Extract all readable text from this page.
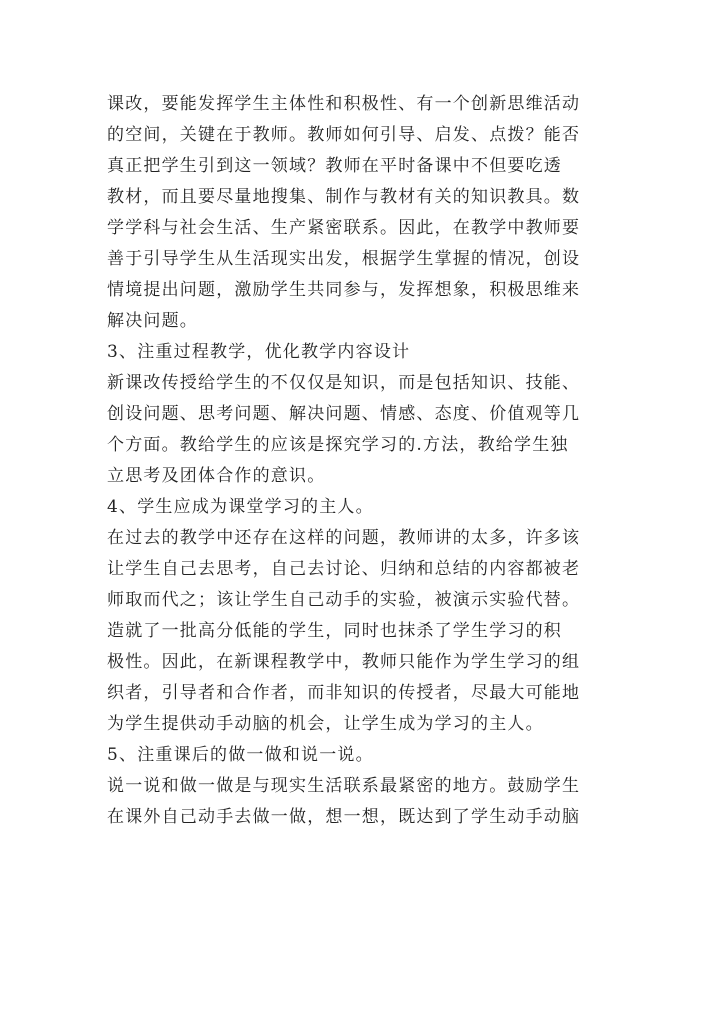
课改，要能发挥学生主体性和积极性、有一个创新思维活动
的空间，关键在于教师。教师如何引导、启发、点拨？能否
真正把学生引到这一领域？教师在平时备课中不但要吃透
教材，而且要尽量地搜集、制作与教材有关的知识教具。数
学学科与社会生活、生产紧密联系。因此，在教学中教师要
善于引导学生从生活现实出发，根据学生掌握的情况，创设
情境提出问题，激励学生共同参与，发挥想象，积极思维来
解决问题。
3、注重过程教学，优化教学内容设计
新课改传授给学生的不仅仅是知识，而是包括知识、技能、
创设问题、思考问题、解决问题、情感、态度、价值观等几
个方面。教给学生的应该是探究学习的.方法，教给学生独
立思考及团体合作的意识。
4、学生应成为课堂学习的主人。
在过去的教学中还存在这样的问题，教师讲的太多，许多该
让学生自己去思考，自己去讨论、归纳和总结的内容都被老
师取而代之；该让学生自己动手的实验，被演示实验代替。
造就了一批高分低能的学生，同时也抹杀了学生学习的积
极性。因此，在新课程教学中，教师只能作为学生学习的组
织者，引导者和合作者，而非知识的传授者，尽最大可能地
为学生提供动手动脑的机会，让学生成为学习的主人。
5、注重课后的做一做和说一说。
说一说和做一做是与现实生活联系最紧密的地方。鼓励学生
在课外自己动手去做一做，想一想，既达到了学生动手动脑
